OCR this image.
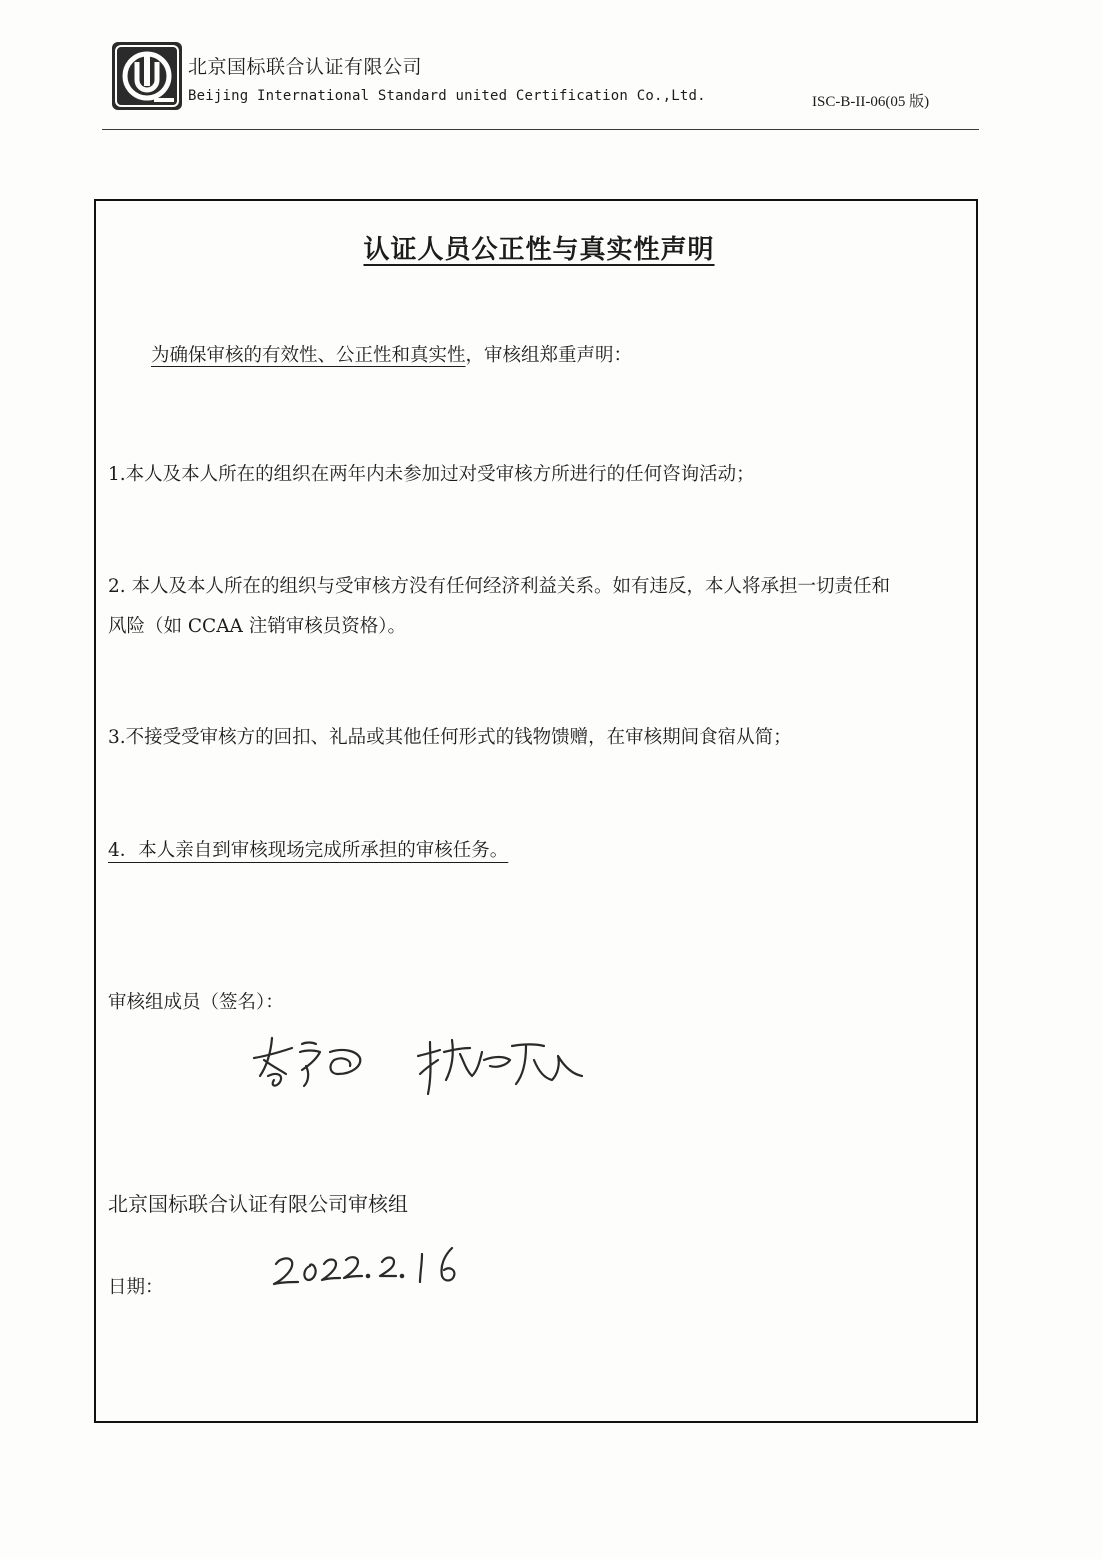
北京国标联合认证有限公司
Beijing International Standard united Certification Co.,Ltd.	ISC-B-II-06(05 版)
认证人员公正性与真实性声明
为确保审核的有效性、公正性和真实性，审核组郑重声明：
1.本人及本人所在的组织在两年内未参加过对受审核方所进行的任何咨询活动；
2. 本人及本人所在的组织与受审核方没有任何经济利益关系。如有违反，本人将承担一切责任和
风险（如 CCAA 注销审核员资格）。
3.不接受受审核方的回扣、礼品或其他任何形式的钱物馈赠，在审核期间食宿从简；
4．本人亲自到审核现场完成所承担的审核任务。
审核组成员（签名）：
北京国标联合认证有限公司审核组
日期：
